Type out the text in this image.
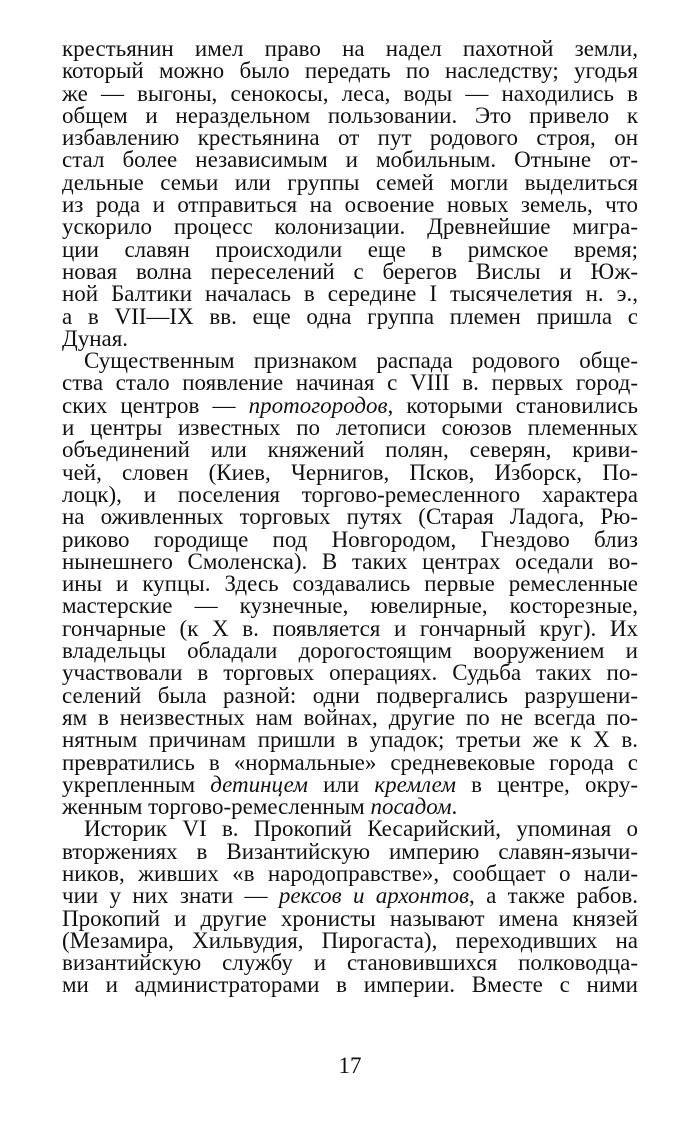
крестьянин имел право на надел пахотной земли,
который можно было передать по наследству; угодья
же — выгоны, сенокосы, леса, воды — находились в
общем и нераздельном пользовании. Это привело к
избавлению крестьянина от пут родового строя, он
стал более независимым и мобильным. Отныне от-
дельные семьи или группы семей могли выделиться
из рода и отправиться на освоение новых земель, что
ускорило процесс колонизации. Древнейшие мигра-
ции славян происходили еще в римское время;
новая волна переселений с берегов Вислы и Юж-
ной Балтики началась в середине I тысячелетия н. э.,
а в VII—IX вв. еще одна группа племен пришла с
Дуная.
Существенным признаком распада родового обще-
ства стало появление начиная с VIII в. первых город-
ских центров — протогородов, которыми становились
и центры известных по летописи союзов племенных
объединений или княжений полян, северян, криви-
чей, словен (Киев, Чернигов, Псков, Изборск, По-
лоцк), и поселения торгово-ремесленного характера
на оживленных торговых путях (Старая Ладога, Рю-
риково городище под Новгородом, Гнездово близ
нынешнего Смоленска). В таких центрах оседали во-
ины и купцы. Здесь создавались первые ремесленные
мастерские — кузнечные, ювелирные, косторезные,
гончарные (к X в. появляется и гончарный круг). Их
владельцы обладали дорогостоящим вооружением и
участвовали в торговых операциях. Судьба таких по-
селений была разной: одни подвергались разрушени-
ям в неизвестных нам войнах, другие по не всегда по-
нятным причинам пришли в упадок; третьи же к X в.
превратились в «нормальные» средневековые города с
укрепленным детинцем или кремлем в центре, окру-
женным торгово-ремесленным посадом.
Историк VI в. Прокопий Кесарийский, упоминая о
вторжениях в Византийскую империю славян-язычи-
ников, живших «в народоправстве», сообщает о нали-
чии у них знати — рексов и архонтов, а также рабов.
Прокопий и другие хронисты называют имена князей
(Мезамира, Хильвудия, Пирогаста), переходивших на
византийскую службу и становившихся полководца-
ми и администраторами в империи. Вместе с ними
17
